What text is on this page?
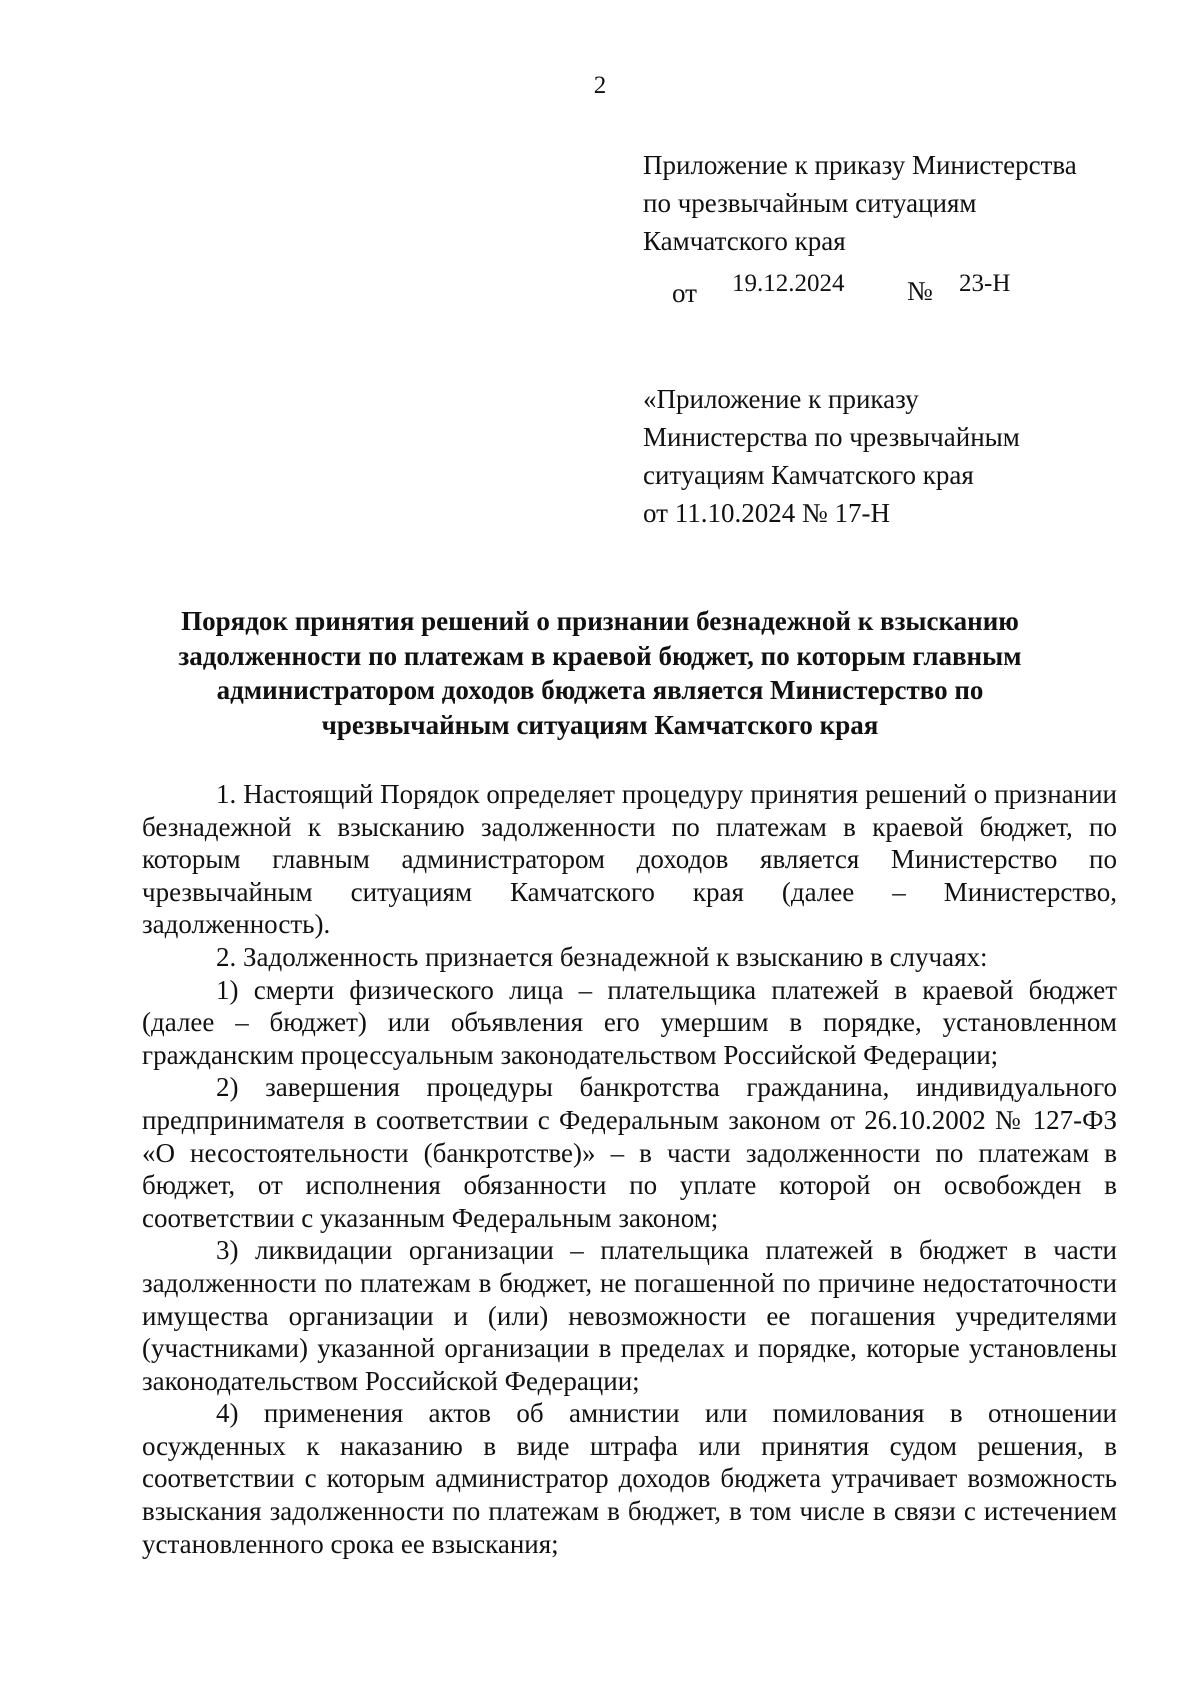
2
Приложение к приказу Министерства
по чрезвычайным ситуациям
Камчатского края
от 19.12.2024 № 23-Н
«Приложение к приказу
Министерства по чрезвычайным
ситуациям Камчатского края
от 11.10.2024 № 17-Н
Порядок принятия решений о признании безнадежной к взысканию
задолженности по платежам в краевой бюджет, по которым главным
администратором доходов бюджета является Министерство по
чрезвычайным ситуациям Камчатского края

1. Настоящий Порядок определяет процедуру принятия решений о признании безнадежной к взысканию задолженности по платежам в краевой бюджет, по которым главным администратором доходов является Министерство по чрезвычайным ситуациям Камчатского края (далее – Министерство, задолженность).

2. Задолженность признается безнадежной к взысканию в случаях:

1) смерти физического лица – плательщика платежей в краевой бюджет (далее – бюджет) или объявления его умершим в порядке, установленном гражданским процессуальным законодательством Российской Федерации;

2) завершения процедуры банкротства гражданина, индивидуального предпринимателя в соответствии с Федеральным законом от 26.10.2002 № 127-ФЗ «О несостоятельности (банкротстве)» – в части задолженности по платежам в бюджет, от исполнения обязанности по уплате которой он освобожден в соответствии с указанным Федеральным законом;

3) ликвидации организации – плательщика платежей в бюджет в части задолженности по платежам в бюджет, не погашенной по причине недостаточности имущества организации и (или) невозможности ее погашения учредителями (участниками) указанной организации в пределах и порядке, которые установлены законодательством Российской Федерации;

4) применения актов об амнистии или помилования в отношении осужденных к наказанию в виде штрафа или принятия судом решения, в соответствии с которым администратор доходов бюджета утрачивает возможность взыскания задолженности по платежам в бюджет, в том числе в связи с истечением установленного срока ее взыскания;
